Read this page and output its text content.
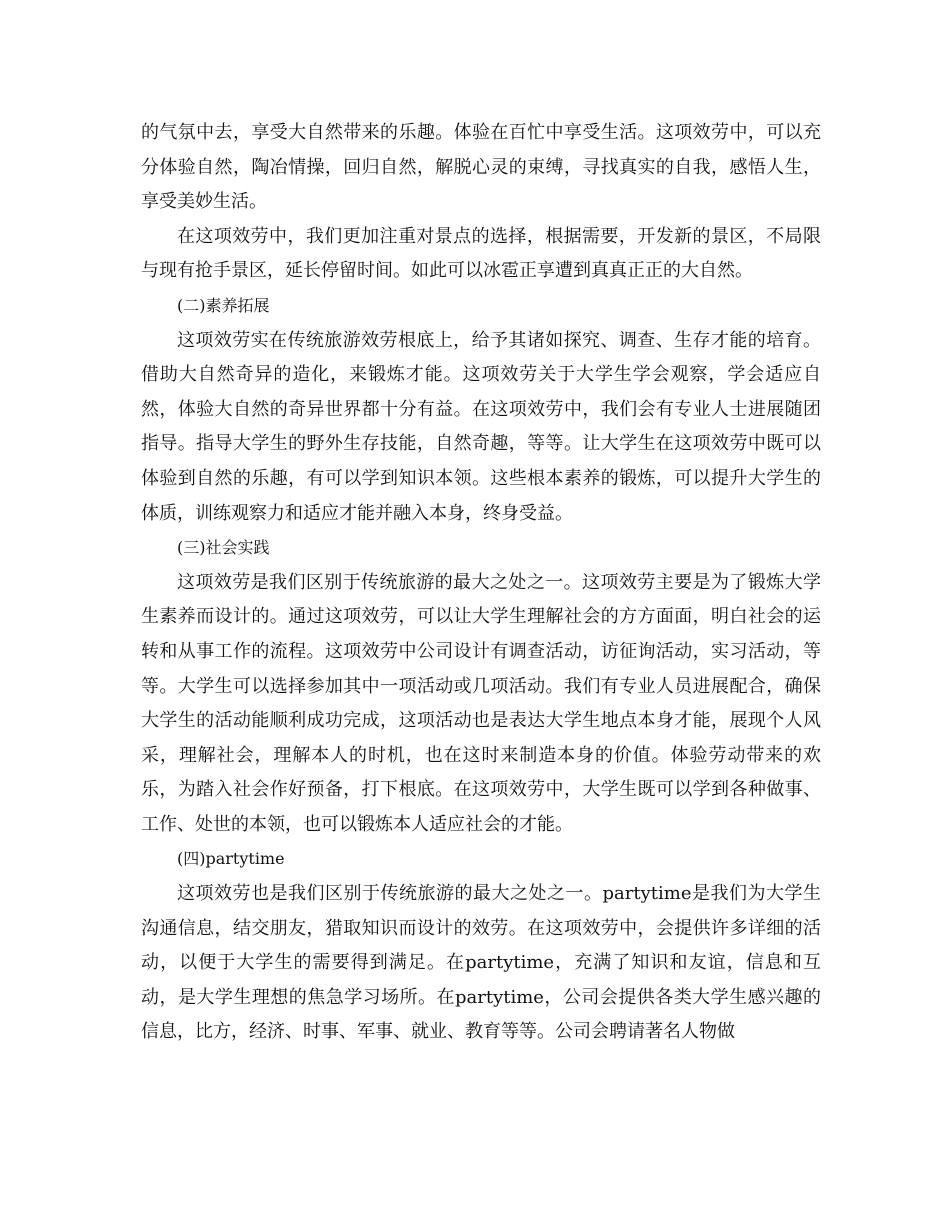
的气氛中去，享受大自然带来的乐趣。体验在百忙中享受生活。这项效劳中，可以充分体验自然，陶冶情操，回归自然，解脱心灵的束缚，寻找真实的自我，感悟人生，享受美妙生活。

在这项效劳中，我们更加注重对景点的选择，根据需要，开发新的景区，不局限与现有抢手景区，延长停留时间。如此可以冰雹正享遭到真真正正的大自然。

(二)素养拓展

这项效劳实在传统旅游效劳根底上，给予其诸如探究、调查、生存才能的培育。借助大自然奇异的造化，来锻炼才能。这项效劳关于大学生学会观察，学会适应自然，体验大自然的奇异世界都十分有益。在这项效劳中，我们会有专业人士进展随团指导。指导大学生的野外生存技能，自然奇趣，等等。让大学生在这项效劳中既可以体验到自然的乐趣，有可以学到知识本领。这些根本素养的锻炼，可以提升大学生的体质，训练观察力和适应才能并融入本身，终身受益。

(三)社会实践

这项效劳是我们区别于传统旅游的最大之处之一。这项效劳主要是为了锻炼大学生素养而设计的。通过这项效劳，可以让大学生理解社会的方方面面，明白社会的运转和从事工作的流程。这项效劳中公司设计有调查活动，访征询活动，实习活动，等等。大学生可以选择参加其中一项活动或几项活动。我们有专业人员进展配合，确保大学生的活动能顺利成功完成，这项活动也是表达大学生地点本身才能，展现个人风采，理解社会，理解本人的时机，也在这时来制造本身的价值。体验劳动带来的欢乐，为踏入社会作好预备，打下根底。在这项效劳中，大学生既可以学到各种做事、工作、处世的本领，也可以锻炼本人适应社会的才能。

(四)partytime

这项效劳也是我们区别于传统旅游的最大之处之一。partytime是我们为大学生沟通信息，结交朋友，猎取知识而设计的效劳。在这项效劳中，会提供许多详细的活动，以便于大学生的需要得到满足。在partytime，充满了知识和友谊，信息和互动，是大学生理想的焦急学习场所。在partytime，公司会提供各类大学生感兴趣的信息，比方，经济、时事、军事、就业、教育等等。公司会聘请著名人物做
